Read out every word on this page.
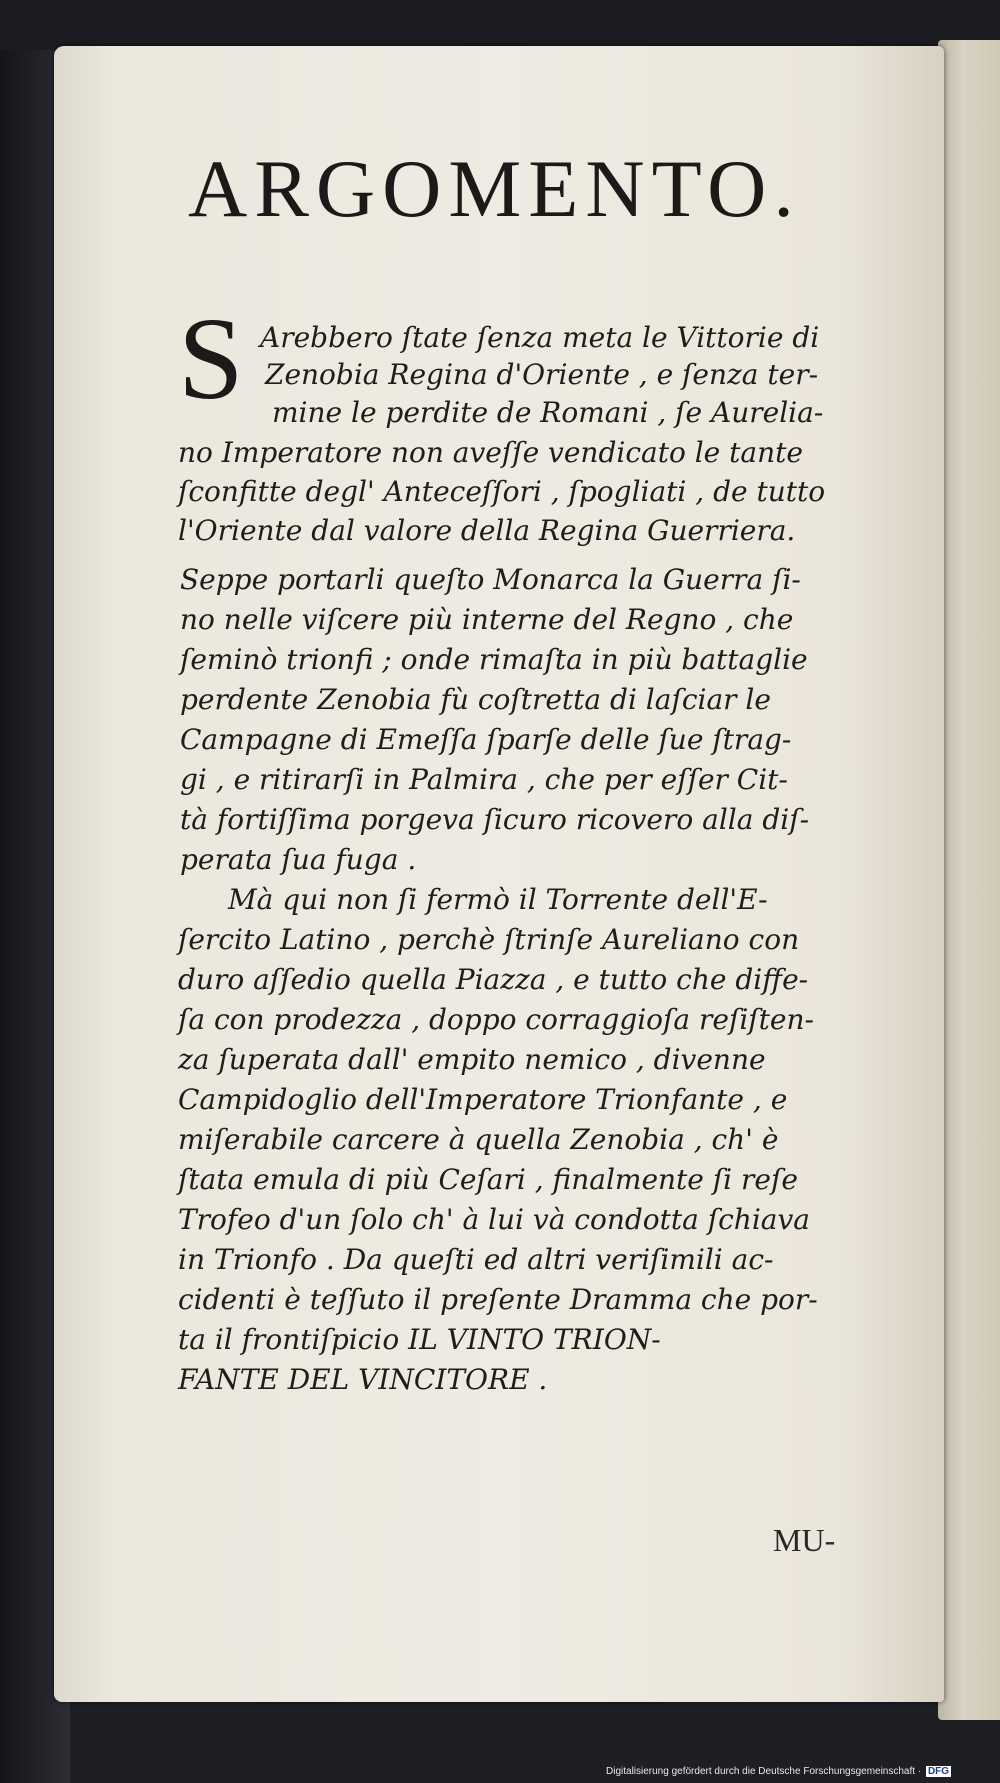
ARGOMENTO.
S Arebbero ſtate ſenza meta le Vittorie di
Zenobia Regina d'Oriente , e ſenza ter-
mine le perdite de Romani , ſe Aurelia-
no Imperatore non aveſſe vendicato le tante
ſconfitte degl' Anteceſſori , ſpogliati , de tutto
l'Oriente dal valore della Regina Guerriera.
Seppe portarli queſto Monarca la Guerra ſi-
no nelle viſcere più interne del Regno , che
ſeminò trionfi ; onde rimaſta in più battaglie
perdente Zenobia fù coſtretta di laſciar le
Campagne di Emeſſa ſparſe delle ſue ſtrag-
gi , e ritirarſi in Palmira , che per eſſer Cit-
tà fortiſſima porgeva ſicuro ricovero alla diſ-
perata ſua fuga .
Mà qui non ſi fermò il Torrente dell'E-
ſercito Latino , perchè ſtrinſe Aureliano con
duro aſſedio quella Piazza , e tutto che diffe-
ſa con prodezza , doppo corraggioſa reſiſten-
za ſuperata dall' empito nemico , divenne
Campidoglio dell'Imperatore Trionfante , e
miſerabile carcere à quella Zenobia , ch' è
ſtata emula di più Ceſari , finalmente ſi reſe
Trofeo d'un ſolo ch' à lui và condotta ſchiava
in Trionfo . Da queſti ed altri veriſimili ac-
cidenti è teſſuto il preſente Dramma che por-
ta il frontiſpicio IL VINTO TRION-
FANTE DEL VINCITORE .
MU-
Digitalisierung gefördert durch die Deutsche Forschungsgemeinschaft · DFG
